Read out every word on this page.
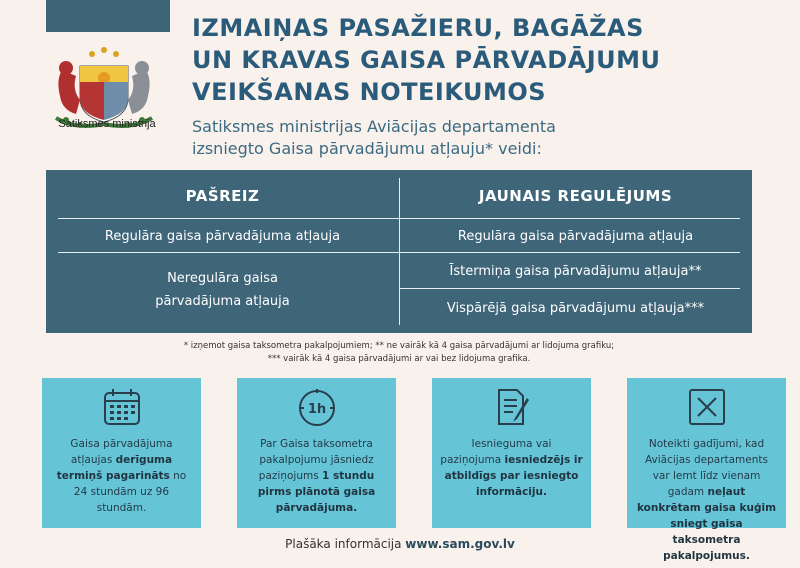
Satiksmes ministrija
IZMAIŅAS PASAŽIERU, BAGĀŽAS
UN KRAVAS GAISA PĀRVADĀJUMU
VEIKŠANAS NOTEIKUMOS
Satiksmes ministrijas Aviācijas departamenta
izsniegto Gaisa pārvadājumu atļauju* veidi:
PAŠREIZ	JAUNAIS REGULĒJUMS
Regulāra gaisa pārvadājuma atļauja
Neregulāra gaisa pārvadājuma atļauja
Regulāra gaisa pārvadājuma atļauja
Īstermiņa gaisa pārvadājumu atļauja**
Vispārējā gaisa pārvadājumu atļauja***
* izņemot gaisa taksometra pakalpojumiem; ** ne vairāk kā 4 gaisa pārvadājumi ar lidojuma grafiku;
*** vairāk kā 4 gaisa pārvadājumi ar vai bez lidojuma grafika.
Gaisa pārvadājuma atļaujas derīguma termiņš pagarināts no 24 stundām uz 96 stundām.
1h
Par Gaisa taksometra pakalpojumu jāsniedz paziņojums 1 stundu pirms plānotā gaisa pārvadājuma.
Iesnieguma vai paziņojuma iesniedzējs ir atbildīgs par iesniegto informāciju.
Noteikti gadījumi, kad Aviācijas departaments var lemt līdz vienam gadam neļaut konkrētam gaisa kuģim sniegt gaisa taksometra pakalpojumus.
Plašāka informācija www.sam.gov.lv
